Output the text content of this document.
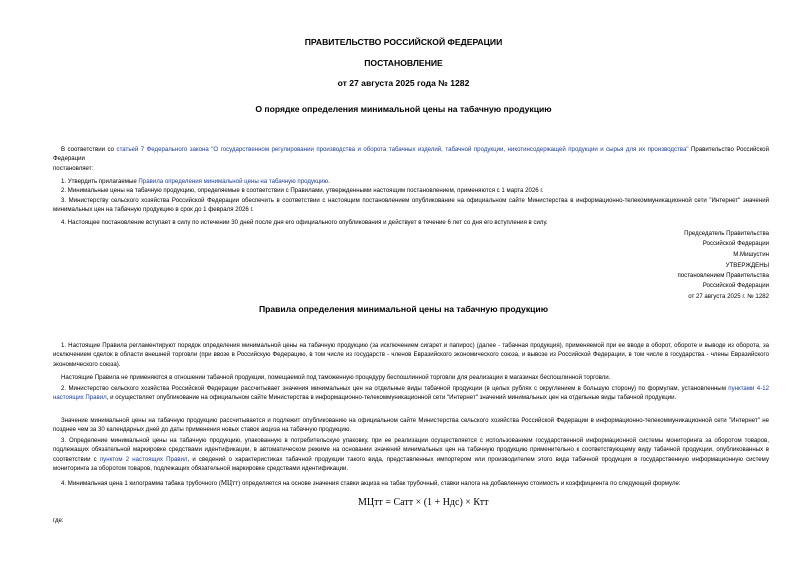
ПРАВИТЕЛЬСТВО РОССИЙСКОЙ ФЕДЕРАЦИИ

ПОСТАНОВЛЕНИЕ

от 27 августа 2025 года № 1282

О порядке определения минимальной цены на табачную продукцию

В соответствии со статьей 7 Федерального закона "О государственном регулировании производства и оборота табачных изделий, табачной продукции, никотинсодержащей продукции и сырья для их производства" Правительство Российской Федерации

постановляет:

1. Утвердить прилагаемые Правила определения минимальной цены на табачную продукцию.

2. Минимальные цены на табачную продукцию, определяемые в соответствии с Правилами, утвержденными настоящим постановлением, применяются с 1 марта 2026 г.

3. Министерству сельского хозяйства Российской Федерации обеспечить в соответствии с настоящим постановлением опубликование на официальном сайте Министерства в информационно-телекоммуникационной сети "Интернет" значений минимальных цен на табачную продукцию в срок до 1 февраля 2026 г.

4. Настоящее постановление вступает в силу по истечении 30 дней после дня его официального опубликования и действует в течение 6 лет со дня его вступления в силу.

Председатель Правительства

Российской Федерации

М.Мишустин

УТВЕРЖДЕНЫ

постановлением Правительства

Российской Федерации

от 27 августа 2025 г. № 1282

Правила определения минимальной цены на табачную продукцию

1. Настоящие Правила регламентируют порядок определения минимальной цены на табачную продукцию (за исключением сигарет и папирос) (далее - табачная продукция), применяемой при ее вводе в оборот, обороте и выводе из оборота, за исключением сделок в области внешней торговли (при ввозе в Российскую Федерацию, в том числе из государств - членов Евразийского экономического союза, и вывозе из Российской Федерации, в том числе в государства - члены Евразийского экономического союза).

Настоящие Правила не применяются в отношении табачной продукции, помещаемой под таможенную процедуру беспошлинной торговли для реализации в магазинах беспошлинной торговли.

2. Министерство сельского хозяйства Российской Федерации рассчитывает значения минимальных цен на отдельные виды табачной продукции (в целых рублях с округлением в большую сторону) по формулам, установленным пунктами 4-12 настоящих Правил, и осуществляет опубликование на официальном сайте Министерства в информационно-телекоммуникационной сети "Интернет" значений минимальных цен на отдельные виды табачной продукции.

Значение минимальной цены на табачную продукцию рассчитывается и подлежит опубликованию на официальном сайте Министерства сельского хозяйства Российской Федерации в информационно-телекоммуникационной сети "Интернет" не позднее чем за 30 календарных дней до даты применения новых ставок акциза на табачную продукцию.

3. Определение минимальной цены на табачную продукцию, упакованную в потребительскую упаковку, при ее реализации осуществляется с использованием государственной информационной системы мониторинга за оборотом товаров, подлежащих обязательной маркировке средствами идентификации, в автоматическом режиме на основании значений минимальных цен на табачную продукцию применительно к соответствующему виду табачной продукции, опубликованных в соответствии с пунктом 2 настоящих Правил, и сведений о характеристиках табачной продукции такого вида, представленных импортером или производителем этого вида табачной продукции в государственную информационную систему мониторинга за оборотом товаров, подлежащих обязательной маркировке средствами идентификации.

4. Минимальная цена 1 килограмма табака трубочного (МЦтт) определяется на основе значения ставки акциза на табак трубочный, ставки налога на добавленную стоимость и коэффициента по следующей формуле:

МЦтт = Сатт × (1 + Ндс) × Ктт

где:
